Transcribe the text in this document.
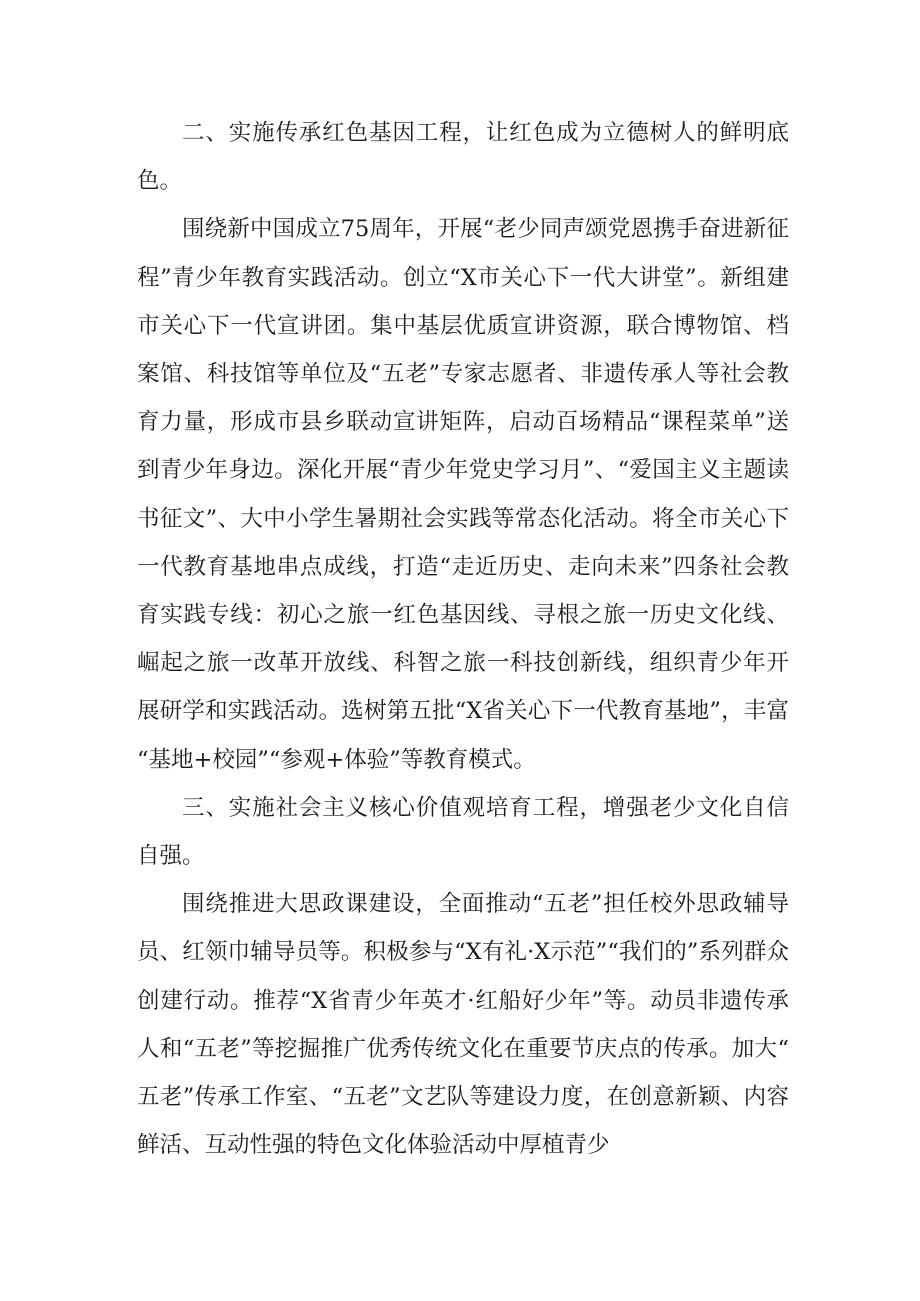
二、实施传承红色基因工程，让红色成为立德树人的鲜明底色。

围绕新中国成立75周年，开展“老少同声颂党恩携手奋进新征程”青少年教育实践活动。创立“X市关心下一代大讲堂”。新组建市关心下一代宣讲团。集中基层优质宣讲资源，联合博物馆、档案馆、科技馆等单位及“五老”专家志愿者、非遗传承人等社会教育力量，形成市县乡联动宣讲矩阵，启动百场精品“课程菜单”送到青少年身边。深化开展“青少年党史学习月”、“爱国主义主题读书征文”、大中小学生暑期社会实践等常态化活动。将全市关心下一代教育基地串点成线，打造“走近历史、走向未来”四条社会教育实践专线：初心之旅一红色基因线、寻根之旅一历史文化线、崛起之旅一改革开放线、科智之旅一科技创新线，组织青少年开展研学和实践活动。选树第五批“X省关心下一代教育基地”，丰富“基地+校园”“参观+体验”等教育模式。

三、实施社会主义核心价值观培育工程，增强老少文化自信自强。

围绕推进大思政课建设，全面推动“五老”担任校外思政辅导员、红领巾辅导员等。积极参与“X有礼·X示范”“我们的”系列群众创建行动。推荐“X省青少年英才·红船好少年”等。动员非遗传承人和“五老”等挖掘推广优秀传统文化在重要节庆点的传承。加大“五老”传承工作室、“五老”文艺队等建设力度，在创意新颖、内容鲜活、互动性强的特色文化体验活动中厚植青少
